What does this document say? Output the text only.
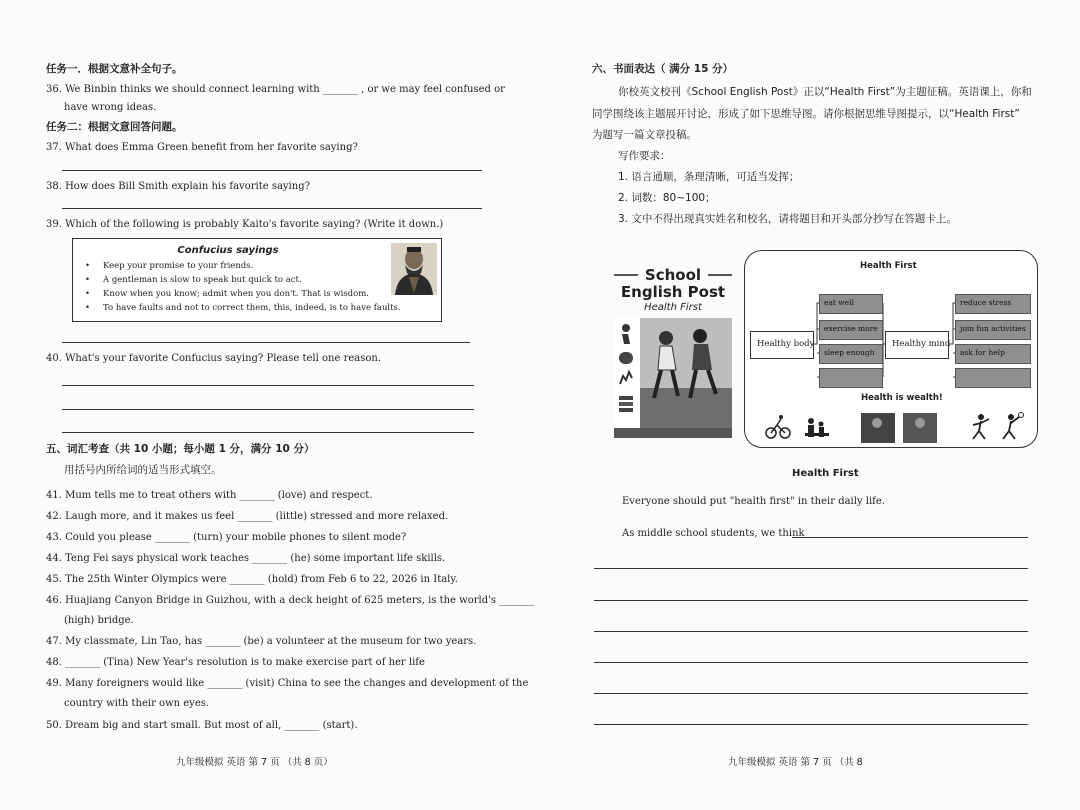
任务一．根据文意补全句子。
36. We Binbin thinks we should connect learning with _______ , or we may feel confused or
have wrong ideas.
任务二：根据文意回答问题。
37. What does Emma Green benefit from her favorite saying?
38. How does Bill Smith explain his favorite saying?
39. Which of the following is probably Kaito's favorite saying? (Write it down.)
Confucius sayings
• Keep your promise to your friends.
• A gentleman is slow to speak but quick to act.
• Know when you know; admit when you don't. That is wisdom.
• To have faults and not to correct them, this, indeed, is to have faults.
40. What's your favorite Confucius saying? Please tell one reason.
五、词汇考查（共 10 小题；每小题 1 分，满分 10 分）
用括号内所给词的适当形式填空。
41. Mum tells me to treat others with _______ (love) and respect.
42. Laugh more, and it makes us feel _______ (little) stressed and more relaxed.
43. Could you please _______ (turn) your mobile phones to silent mode?
44. Teng Fei says physical work teaches _______ (he) some important life skills.
45. The 25th Winter Olympics were _______ (hold) from Feb 6 to 22, 2026 in Italy.
46. Huajiang Canyon Bridge in Guizhou, with a deck height of 625 meters, is the world's _______
(high) bridge.
47. My classmate, Lin Tao, has _______ (be) a volunteer at the museum for two years.
48. _______ (Tina) New Year's resolution is to make exercise part of her life
49. Many foreigners would like _______ (visit) China to see the changes and development of the
country with their own eyes.
50. Dream big and start small. But most of all, _______ (start).
九年级模拟 英语 第 7 页 （共 8 页）
六、书面表达（ 满分 15 分）
你校英文校刊《School English Post》正以“Health First”为主题征稿。英语课上，你和
同学围绕该主题展开讨论，形成了如下思维导图。请你根据思维导图提示，以“Health First”
为题写一篇文章投稿。
写作要求：
1. 语言通顺，条理清晰，可适当发挥；
2. 词数：80~100；
3. 文中不得出现真实姓名和校名，请将题目和开头部分抄写在答题卡上。
School
English Post
Health First
Health First
Healthy body
eat well
exercise more
sleep enough
Healthy mind
reduce stress
join fun activities
ask for help
Health is wealth!
Health First
Everyone should put "health first" in their daily life.
As middle school students, we think
九年级模拟 英语 第 7 页 （共 8
